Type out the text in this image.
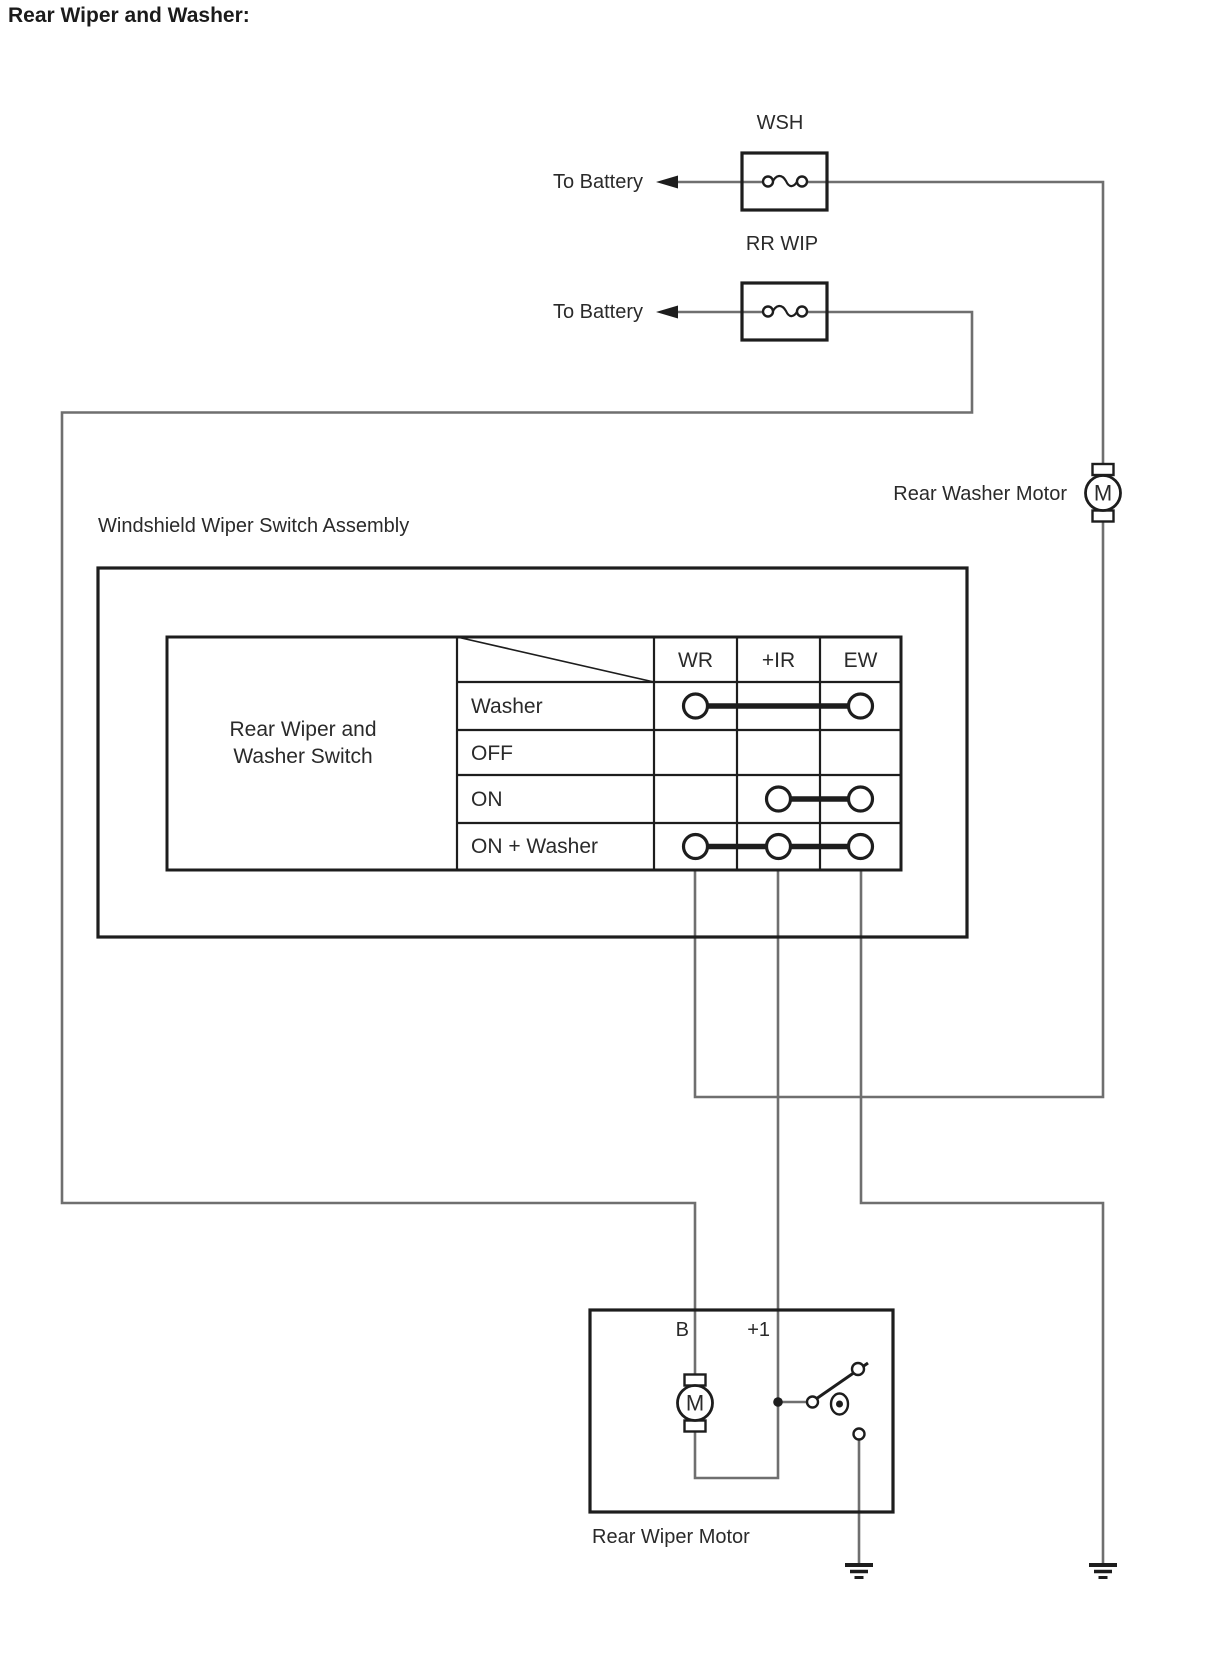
Rear Wiper and Washer:
WSH
To Battery
RR WIP
To Battery
Rear Washer Motor M
Windshield Wiper Switch Assembly
Rear Wiper and
Washer Switch
WR +IR EW
Washer
OFF
ON
ON + Washer
B	+1
M
Rear Wiper Motor
